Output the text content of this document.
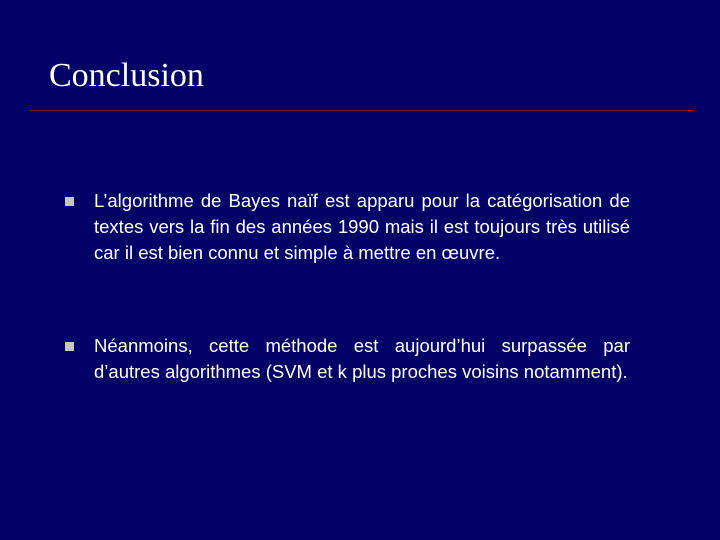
Conclusion

L’algorithme de Bayes naïf est apparu pour la catégorisation de textes vers la fin des années 1990 mais il est toujours très utilisé car il est bien connu et simple à mettre en œuvre.

Néanmoins, cette méthode est aujourd’hui surpassée par d’autres algorithmes (SVM et k plus proches voisins notamment).
